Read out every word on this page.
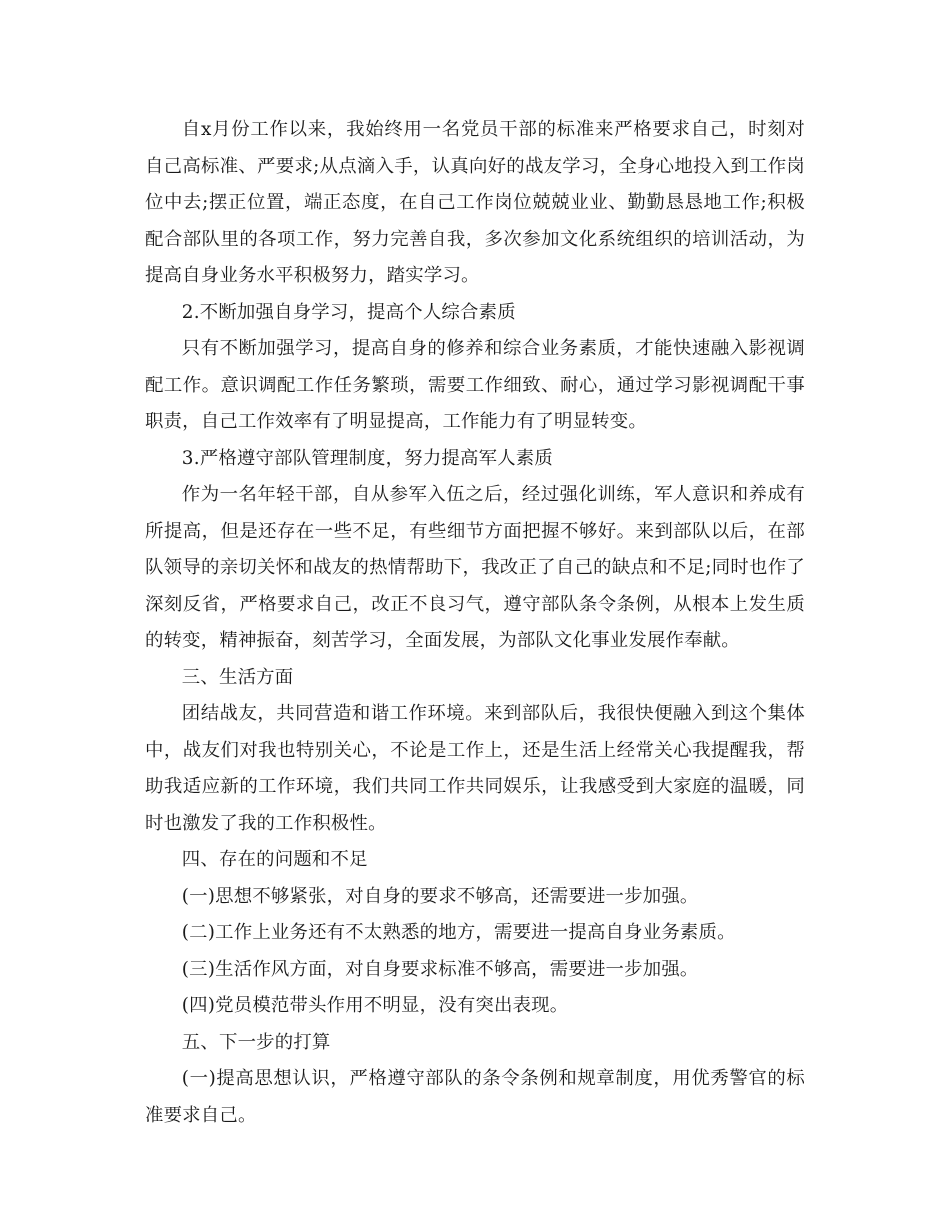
自x月份工作以来，我始终用一名党员干部的标准来严格要求自己，时刻对自己高标准、严要求;从点滴入手，认真向好的战友学习，全身心地投入到工作岗位中去;摆正位置，端正态度，在自己工作岗位兢兢业业、勤勤恳恳地工作;积极配合部队里的各项工作，努力完善自我，多次参加文化系统组织的培训活动，为提高自身业务水平积极努力，踏实学习。

2.不断加强自身学习，提高个人综合素质

只有不断加强学习，提高自身的修养和综合业务素质，才能快速融入影视调配工作。意识调配工作任务繁琐，需要工作细致、耐心，通过学习影视调配干事职责，自己工作效率有了明显提高，工作能力有了明显转变。

3.严格遵守部队管理制度，努力提高军人素质

作为一名年轻干部，自从参军入伍之后，经过强化训练，军人意识和养成有所提高，但是还存在一些不足，有些细节方面把握不够好。来到部队以后，在部队领导的亲切关怀和战友的热情帮助下，我改正了自己的缺点和不足;同时也作了深刻反省，严格要求自己，改正不良习气，遵守部队条令条例，从根本上发生质的转变，精神振奋，刻苦学习，全面发展，为部队文化事业发展作奉献。

三、生活方面

团结战友，共同营造和谐工作环境。来到部队后，我很快便融入到这个集体中，战友们对我也特别关心，不论是工作上，还是生活上经常关心我提醒我，帮助我适应新的工作环境，我们共同工作共同娱乐，让我感受到大家庭的温暖，同时也激发了我的工作积极性。

四、存在的问题和不足

(一)思想不够紧张，对自身的要求不够高，还需要进一步加强。

(二)工作上业务还有不太熟悉的地方，需要进一提高自身业务素质。

(三)生活作风方面，对自身要求标准不够高，需要进一步加强。

(四)党员模范带头作用不明显，没有突出表现。

五、下一步的打算

(一)提高思想认识，严格遵守部队的条令条例和规章制度，用优秀警官的标准要求自己。
